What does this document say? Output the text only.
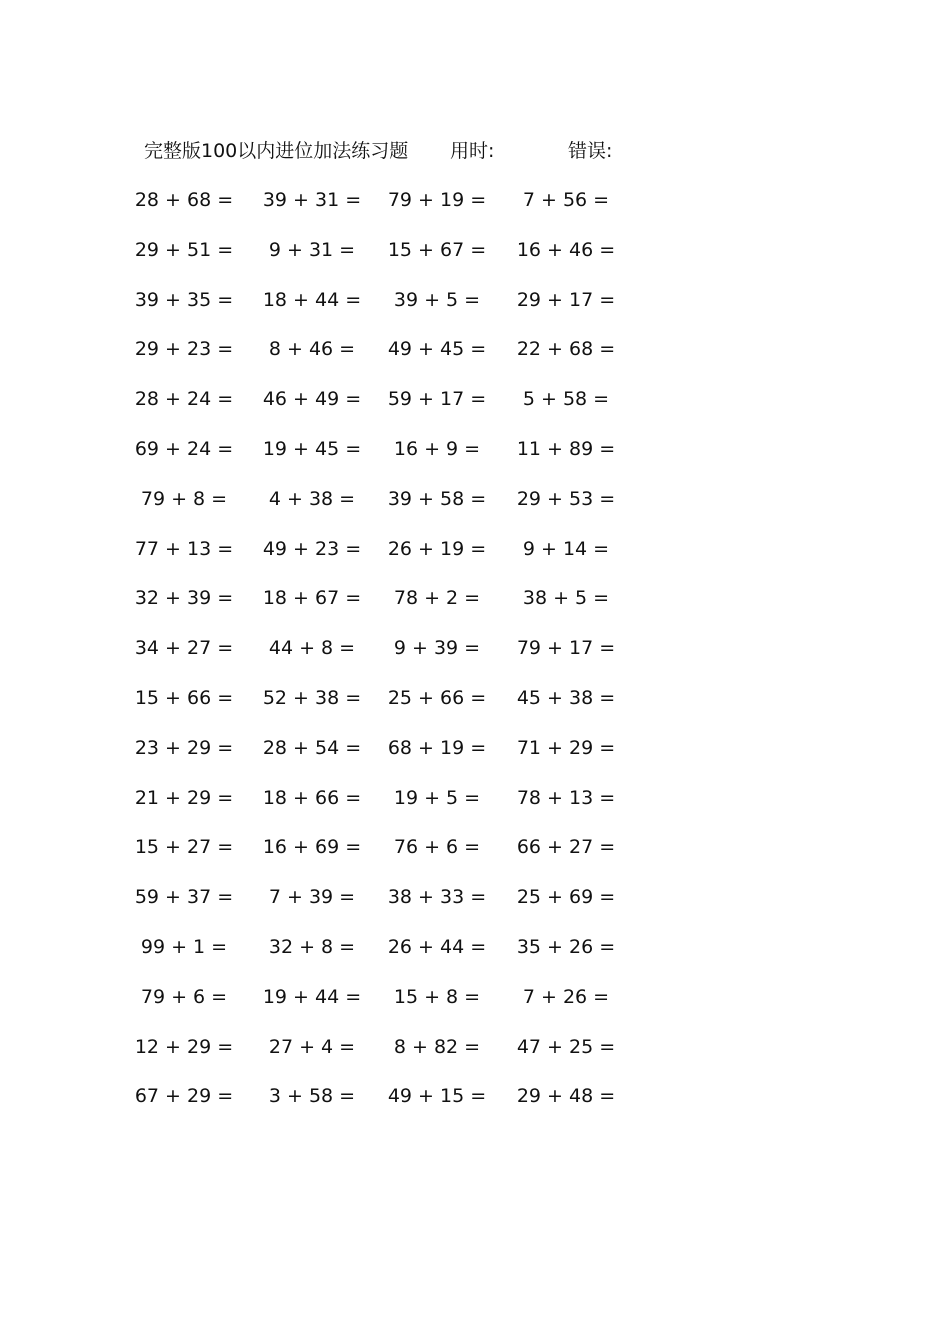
完整版100以内进位加法练习题 用时:	错误:
28 + 68 =	39 + 31 =	79 + 19 =	7 + 56 =
29 + 51 =	9 + 31 =	15 + 67 =	16 + 46 =
39 + 35 =	18 + 44 =	39 + 5 =	29 + 17 =
29 + 23 =	8 + 46 =	49 + 45 =	22 + 68 =
28 + 24 =	46 + 49 =	59 + 17 =	5 + 58 =
69 + 24 =	19 + 45 =	16 + 9 =	11 + 89 =
79 + 8 =	4 + 38 =	39 + 58 =	29 + 53 =
77 + 13 =	49 + 23 =	26 + 19 =	9 + 14 =
32 + 39 =	18 + 67 =	78 + 2 =	38 + 5 =
34 + 27 =	44 + 8 =	9 + 39 =	79 + 17 =
15 + 66 =	52 + 38 =	25 + 66 =	45 + 38 =
23 + 29 =	28 + 54 =	68 + 19 =	71 + 29 =
21 + 29 =	18 + 66 =	19 + 5 =	78 + 13 =
15 + 27 =	16 + 69 =	76 + 6 =	66 + 27 =
59 + 37 =	7 + 39 =	38 + 33 =	25 + 69 =
99 + 1 =	32 + 8 =	26 + 44 =	35 + 26 =
79 + 6 =	19 + 44 =	15 + 8 =	7 + 26 =
12 + 29 =	27 + 4 =	8 + 82 =	47 + 25 =
67 + 29 =	3 + 58 =	49 + 15 =	29 + 48 =
